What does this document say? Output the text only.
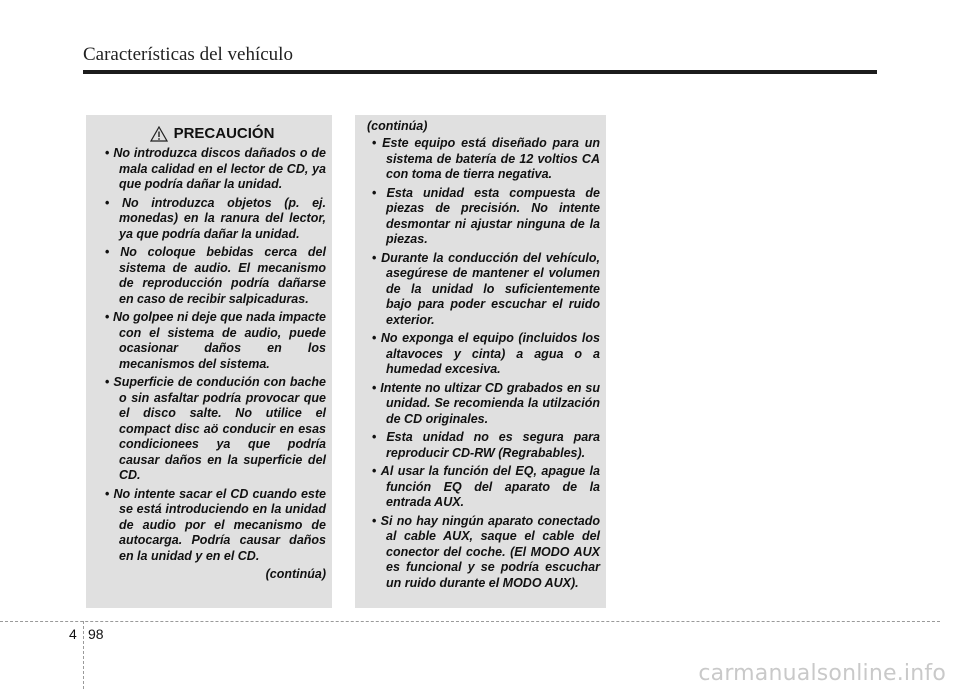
Características del vehículo
PRECAUCIÓN
• No introduzca discos dañados o de mala calidad en el lector de CD, ya que podría dañar la unidad.
• No introduzca objetos (p. ej. monedas) en la ranura del lector, ya que podría dañar la unidad.
• No coloque bebidas cerca del sistema de audio. El mecanismo de reproducción podría dañarse en caso de recibir salpicaduras.
• No golpee ni deje que nada impacte con el sistema de audio, puede ocasionar daños en los mecanismos del sistema.
• Superficie de condución con bache o sin asfaltar podría provocar que el disco salte. No utilice el compact disc aö conducir en esas condicionees ya que podría causar daños en la superficie del CD.
• No intente sacar el CD cuando este se está introduciendo en la unidad de audio por el mecanismo de autocarga. Podría causar daños en la unidad y en el CD.
(continúa)
(continúa)
• Este equipo está diseñado para un sistema de batería de 12 voltios CA con toma de tierra negativa.
• Esta unidad esta compuesta de piezas de precisión. No intente desmontar ni ajustar ninguna de la piezas.
• Durante la conducción del vehículo, asegúrese de mantener el volumen de la unidad lo suficientemente bajo para poder escuchar el ruido exterior.
• No exponga el equipo (incluidos los altavoces y cinta) a agua o a humedad excesiva.
• Intente no ultizar CD grabados en su unidad. Se recomienda la utilzación de CD originales.
• Esta unidad no es segura para reproducir CD-RW (Regrabables).
• Al usar la función del EQ, apague la función EQ del aparato de la entrada AUX.
• Si no hay ningún aparato conectado al cable AUX, saque el cable del conector del coche. (El MODO AUX es funcional y se podría escuchar un ruido durante el MODO AUX).
4 98
carmanualsonline.info
